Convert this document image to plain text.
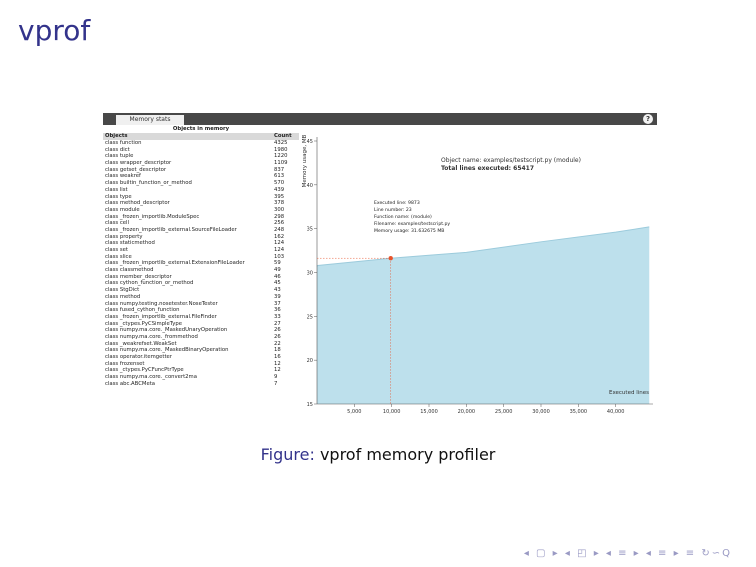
vprof
Memory stats	?
Objects in memory
Objects	Count
class function	4325
class dict	1980
class tuple	1220
class wrapper_descriptor	1109
class getset_descriptor	837
class weakref	613
class builtin_function_or_method	570
class list	439
class type	395
class method_descriptor	378
class module	300
class _frozen_importlib.ModuleSpec	298
class cell	256
class _frozen_importlib_external.SourceFileLoader	248
class property	162
class staticmethod	124
class set	124
class slice	103
class _frozen_importlib_external.ExtensionFileLoader	59
class classmethod	49
class member_descriptor	46
class cython_function_or_method	45
class StgDict	43
class method	39
class numpy.testing.nosetester.NoseTester	37
class fused_cython_function	36
class _frozen_importlib_external.FileFinder	33
class _ctypes.PyCSimpleType	27
class numpy.ma.core._MaskedUnaryOperation	26
class numpy.ma.core._frommethod	26
class _weakrefset.WeakSet	22
class numpy.ma.core._MaskedBinaryOperation	18
class operator.itemgetter	16
class frozenset	12
class _ctypes.PyCFuncPtrType	12
class numpy.ma.core._convert2ma	9
class abc.ABCMeta	7
Memory usage, MB	Object name: examples/testscript.py (module)
Total lines executed: 65417
Executed line: 9873
Line number: 23
Function name: (module)
Filename: examples/testscript.py
Memory usage: 31.632675 MB
Executed lines
15
20
25
30
35
40
45
5,000	10,000	15,000	20,000	25,000	30,000	35,000	40,000
Figure: vprof memory profiler
◂ ▢ ▸ ◂ ◰ ▸ ◂ ≡ ▸ ◂ ≡ ▸ ≡ ↻∽Q
